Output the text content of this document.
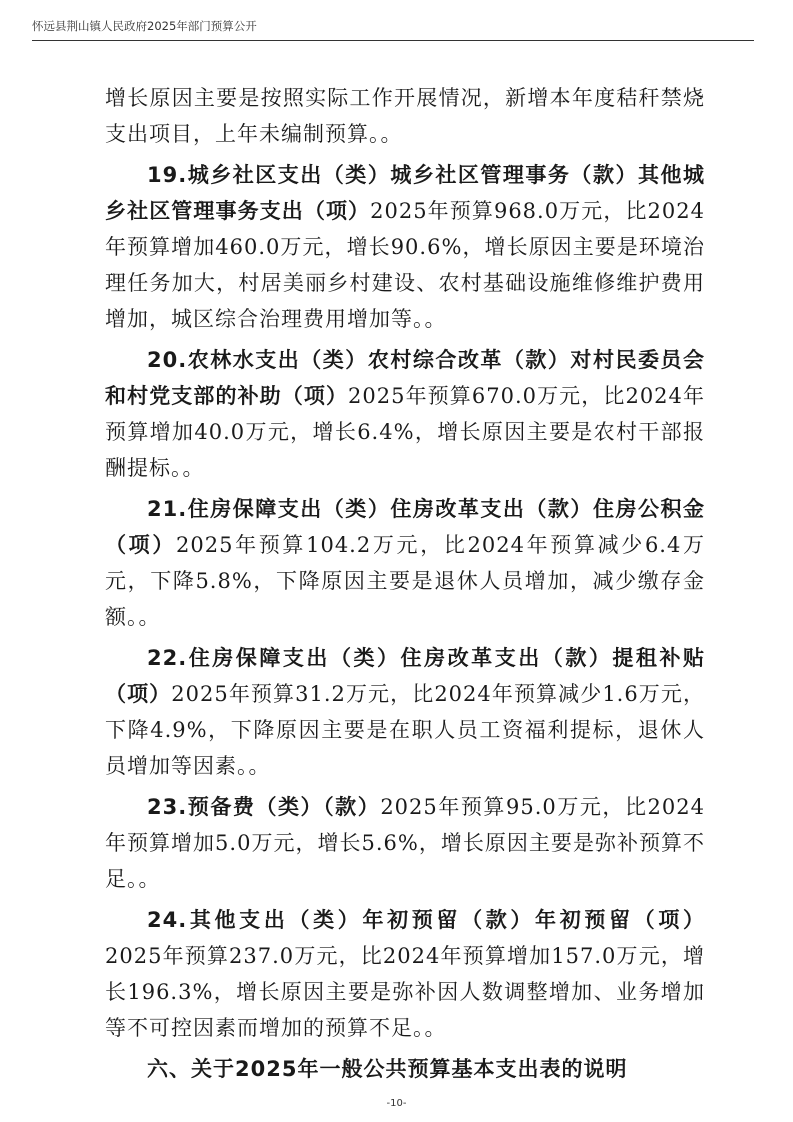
怀远县荆山镇人民政府2025年部门预算公开

增长原因主要是按照实际工作开展情况，新增本年度秸秆禁烧支出项目，上年未编制预算。。

19.城乡社区支出（类）城乡社区管理事务（款）其他城乡社区管理事务支出（项）2025年预算968.0万元，比2024年预算增加460.0万元，增长90.6%，增长原因主要是环境治理任务加大，村居美丽乡村建设、农村基础设施维修维护费用增加，城区综合治理费用增加等。。

20.农林水支出（类）农村综合改革（款）对村民委员会和村党支部的补助（项）2025年预算670.0万元，比2024年预算增加40.0万元，增长6.4%，增长原因主要是农村干部报酬提标。。

21.住房保障支出（类）住房改革支出（款）住房公积金（项）2025年预算104.2万元，比2024年预算减少6.4万元，下降5.8%，下降原因主要是退休人员增加，减少缴存金额。。

22.住房保障支出（类）住房改革支出（款）提租补贴（项）2025年预算31.2万元，比2024年预算减少1.6万元，下降4.9%，下降原因主要是在职人员工资福利提标，退休人员增加等因素。。

23.预备费（类）（款）2025年预算95.0万元，比2024年预算增加5.0万元，增长5.6%，增长原因主要是弥补预算不足。。

24.其他支出（类）年初预留（款）年初预留（项）2025年预算237.0万元，比2024年预算增加157.0万元，增长196.3%，增长原因主要是弥补因人数调整增加、业务增加等不可控因素而增加的预算不足。。

六、关于2025年一般公共预算基本支出表的说明

-10-
